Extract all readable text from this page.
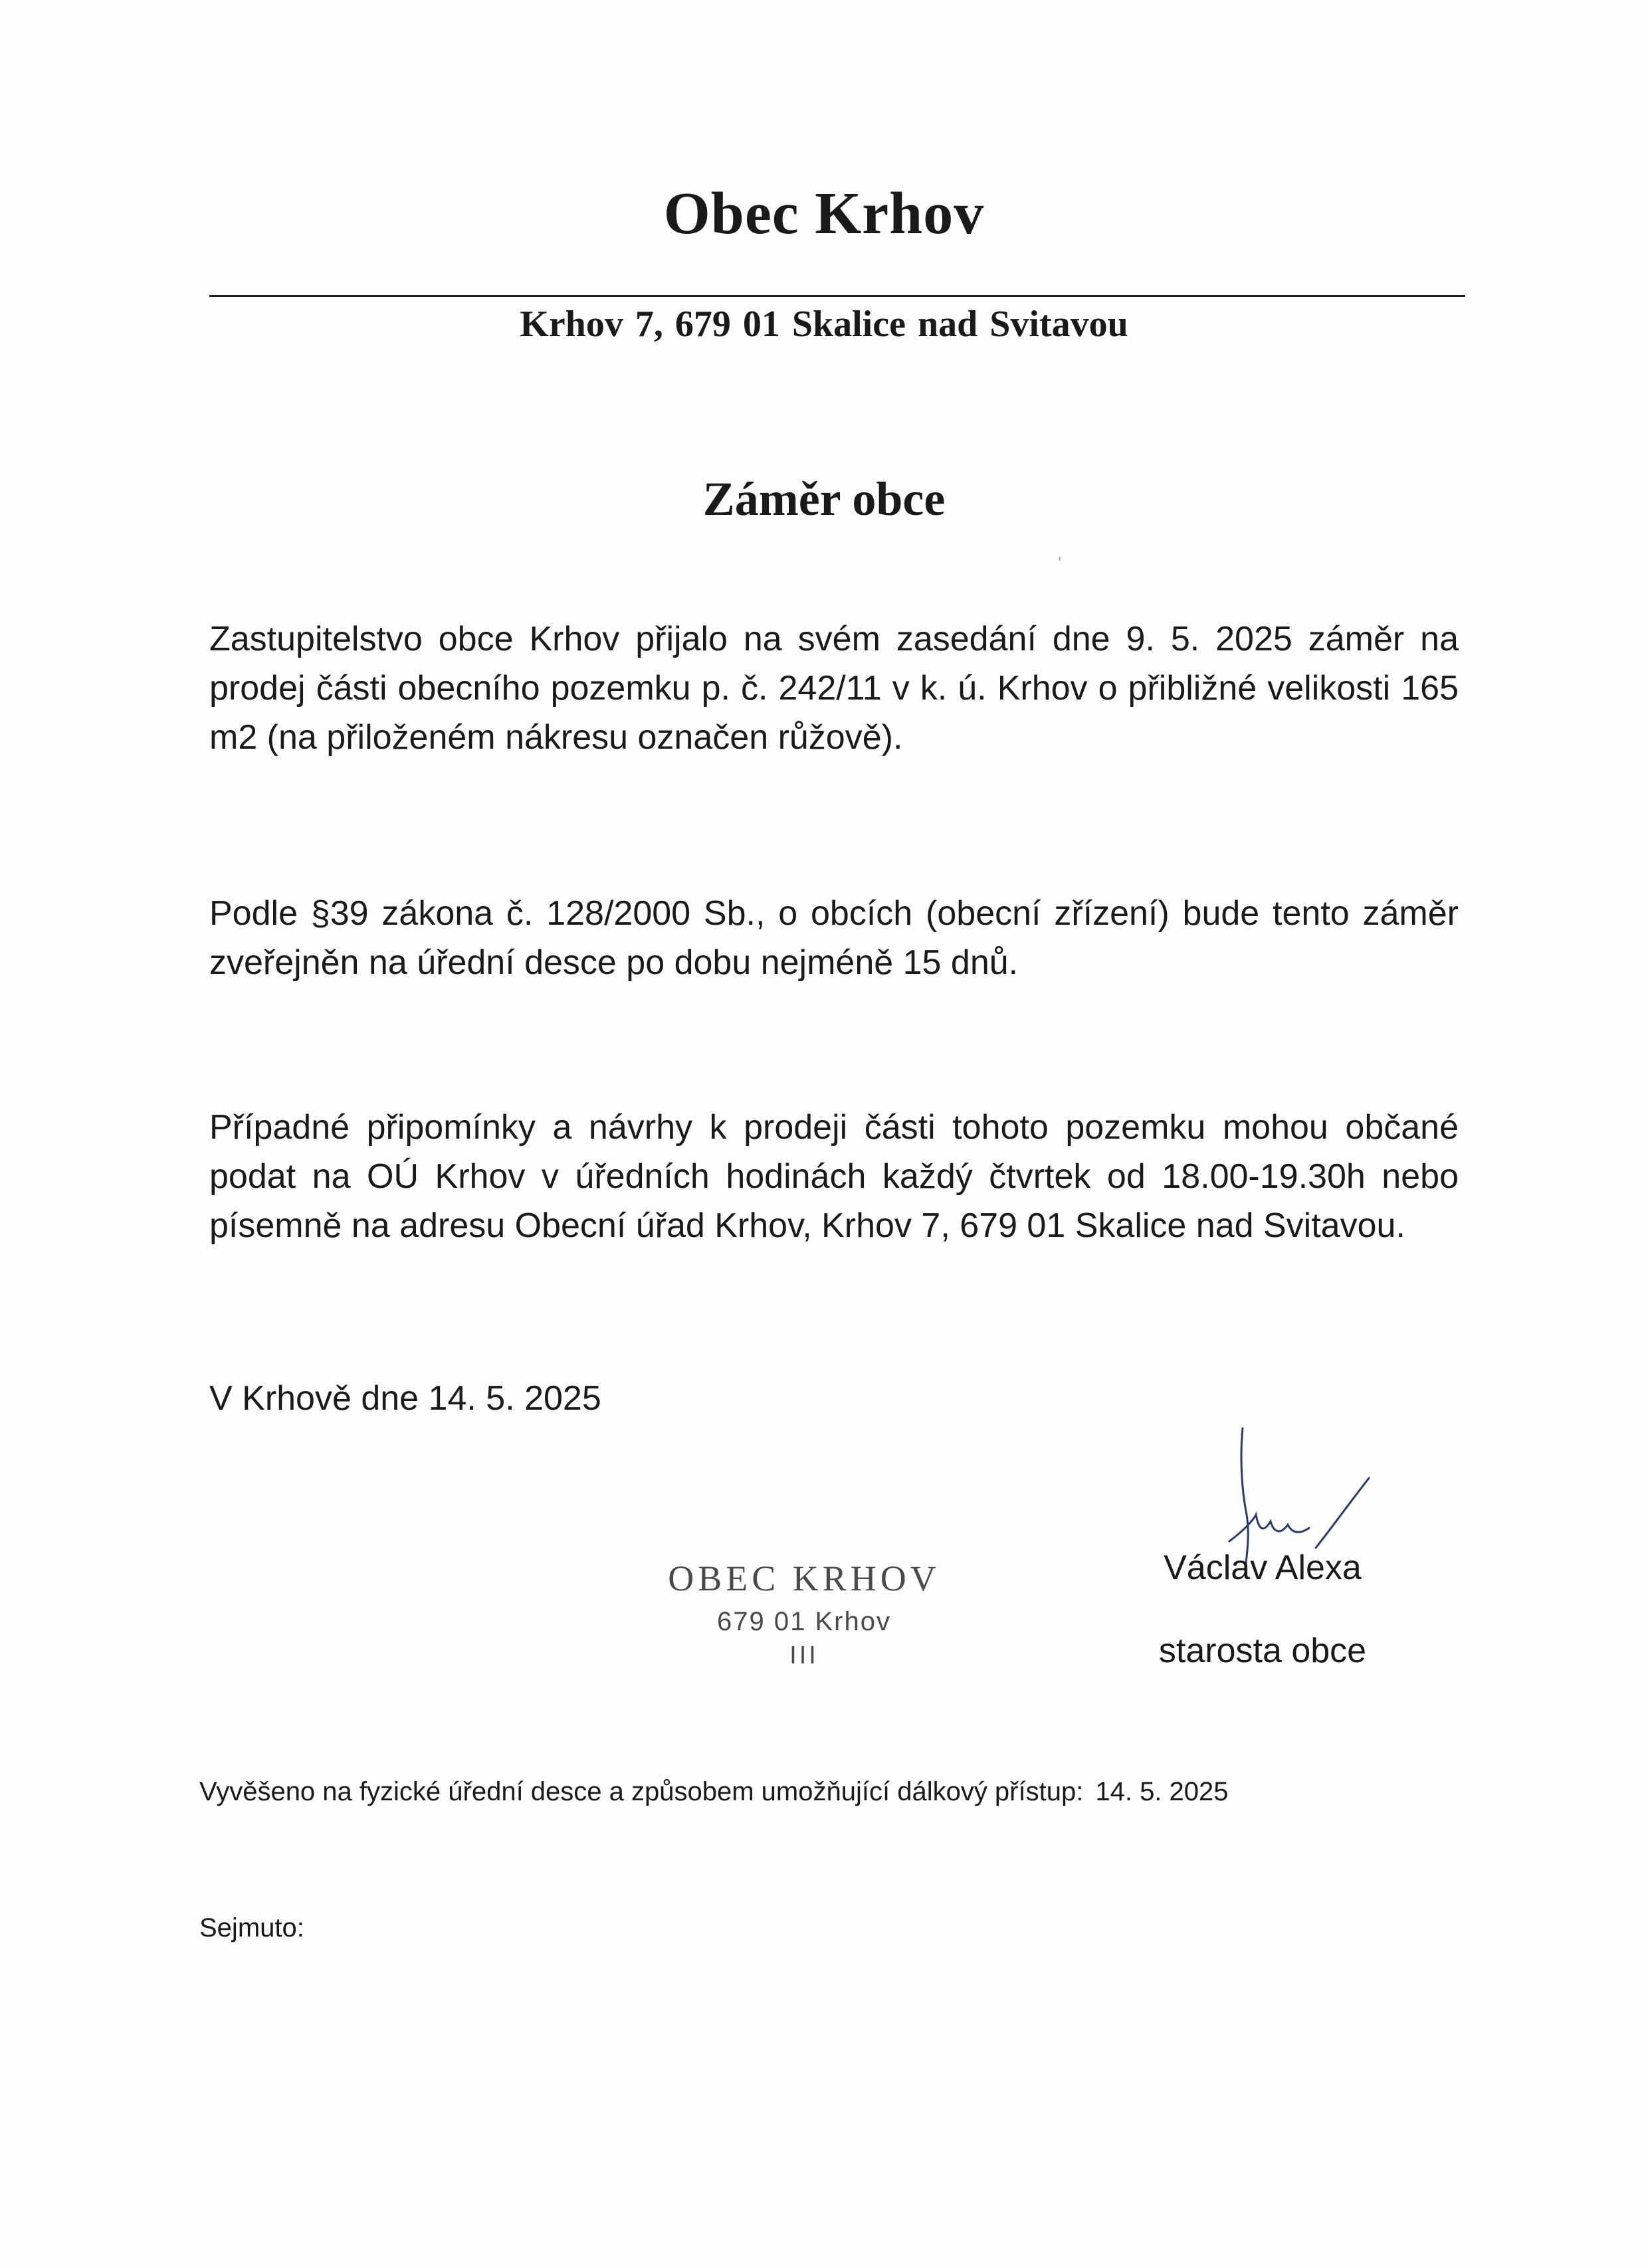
Obec Krhov

Krhov 7, 679 01 Skalice nad Svitavou

Záměr obce

Zastupitelstvo obce Krhov přijalo na svém zasedání dne 9. 5. 2025 záměr na prodej části obecního pozemku p. č. 242/11 v k. ú. Krhov o přibližné velikosti 165 m2 (na přiloženém nákresu označen růžově).

Podle §39 zákona č. 128/2000 Sb., o obcích (obecní zřízení) bude tento záměr zveřejněn na úřední desce po dobu nejméně 15 dnů.

Případné připomínky a návrhy k prodeji části tohoto pozemku mohou občané podat na OÚ Krhov v úředních hodinách každý čtvrtek od 18.00-19.30h nebo písemně na adresu Obecní úřad Krhov, Krhov 7, 679 01 Skalice nad Svitavou.

V Krhově dne 14. 5. 2025

OBEC KRHOV

679 01 Krhov

III

Václav Alexa

starosta obce

Vyvěšeno na fyzické úřední desce a způsobem umožňující dálkový přístup: 14. 5. 2025

Sejmuto:
